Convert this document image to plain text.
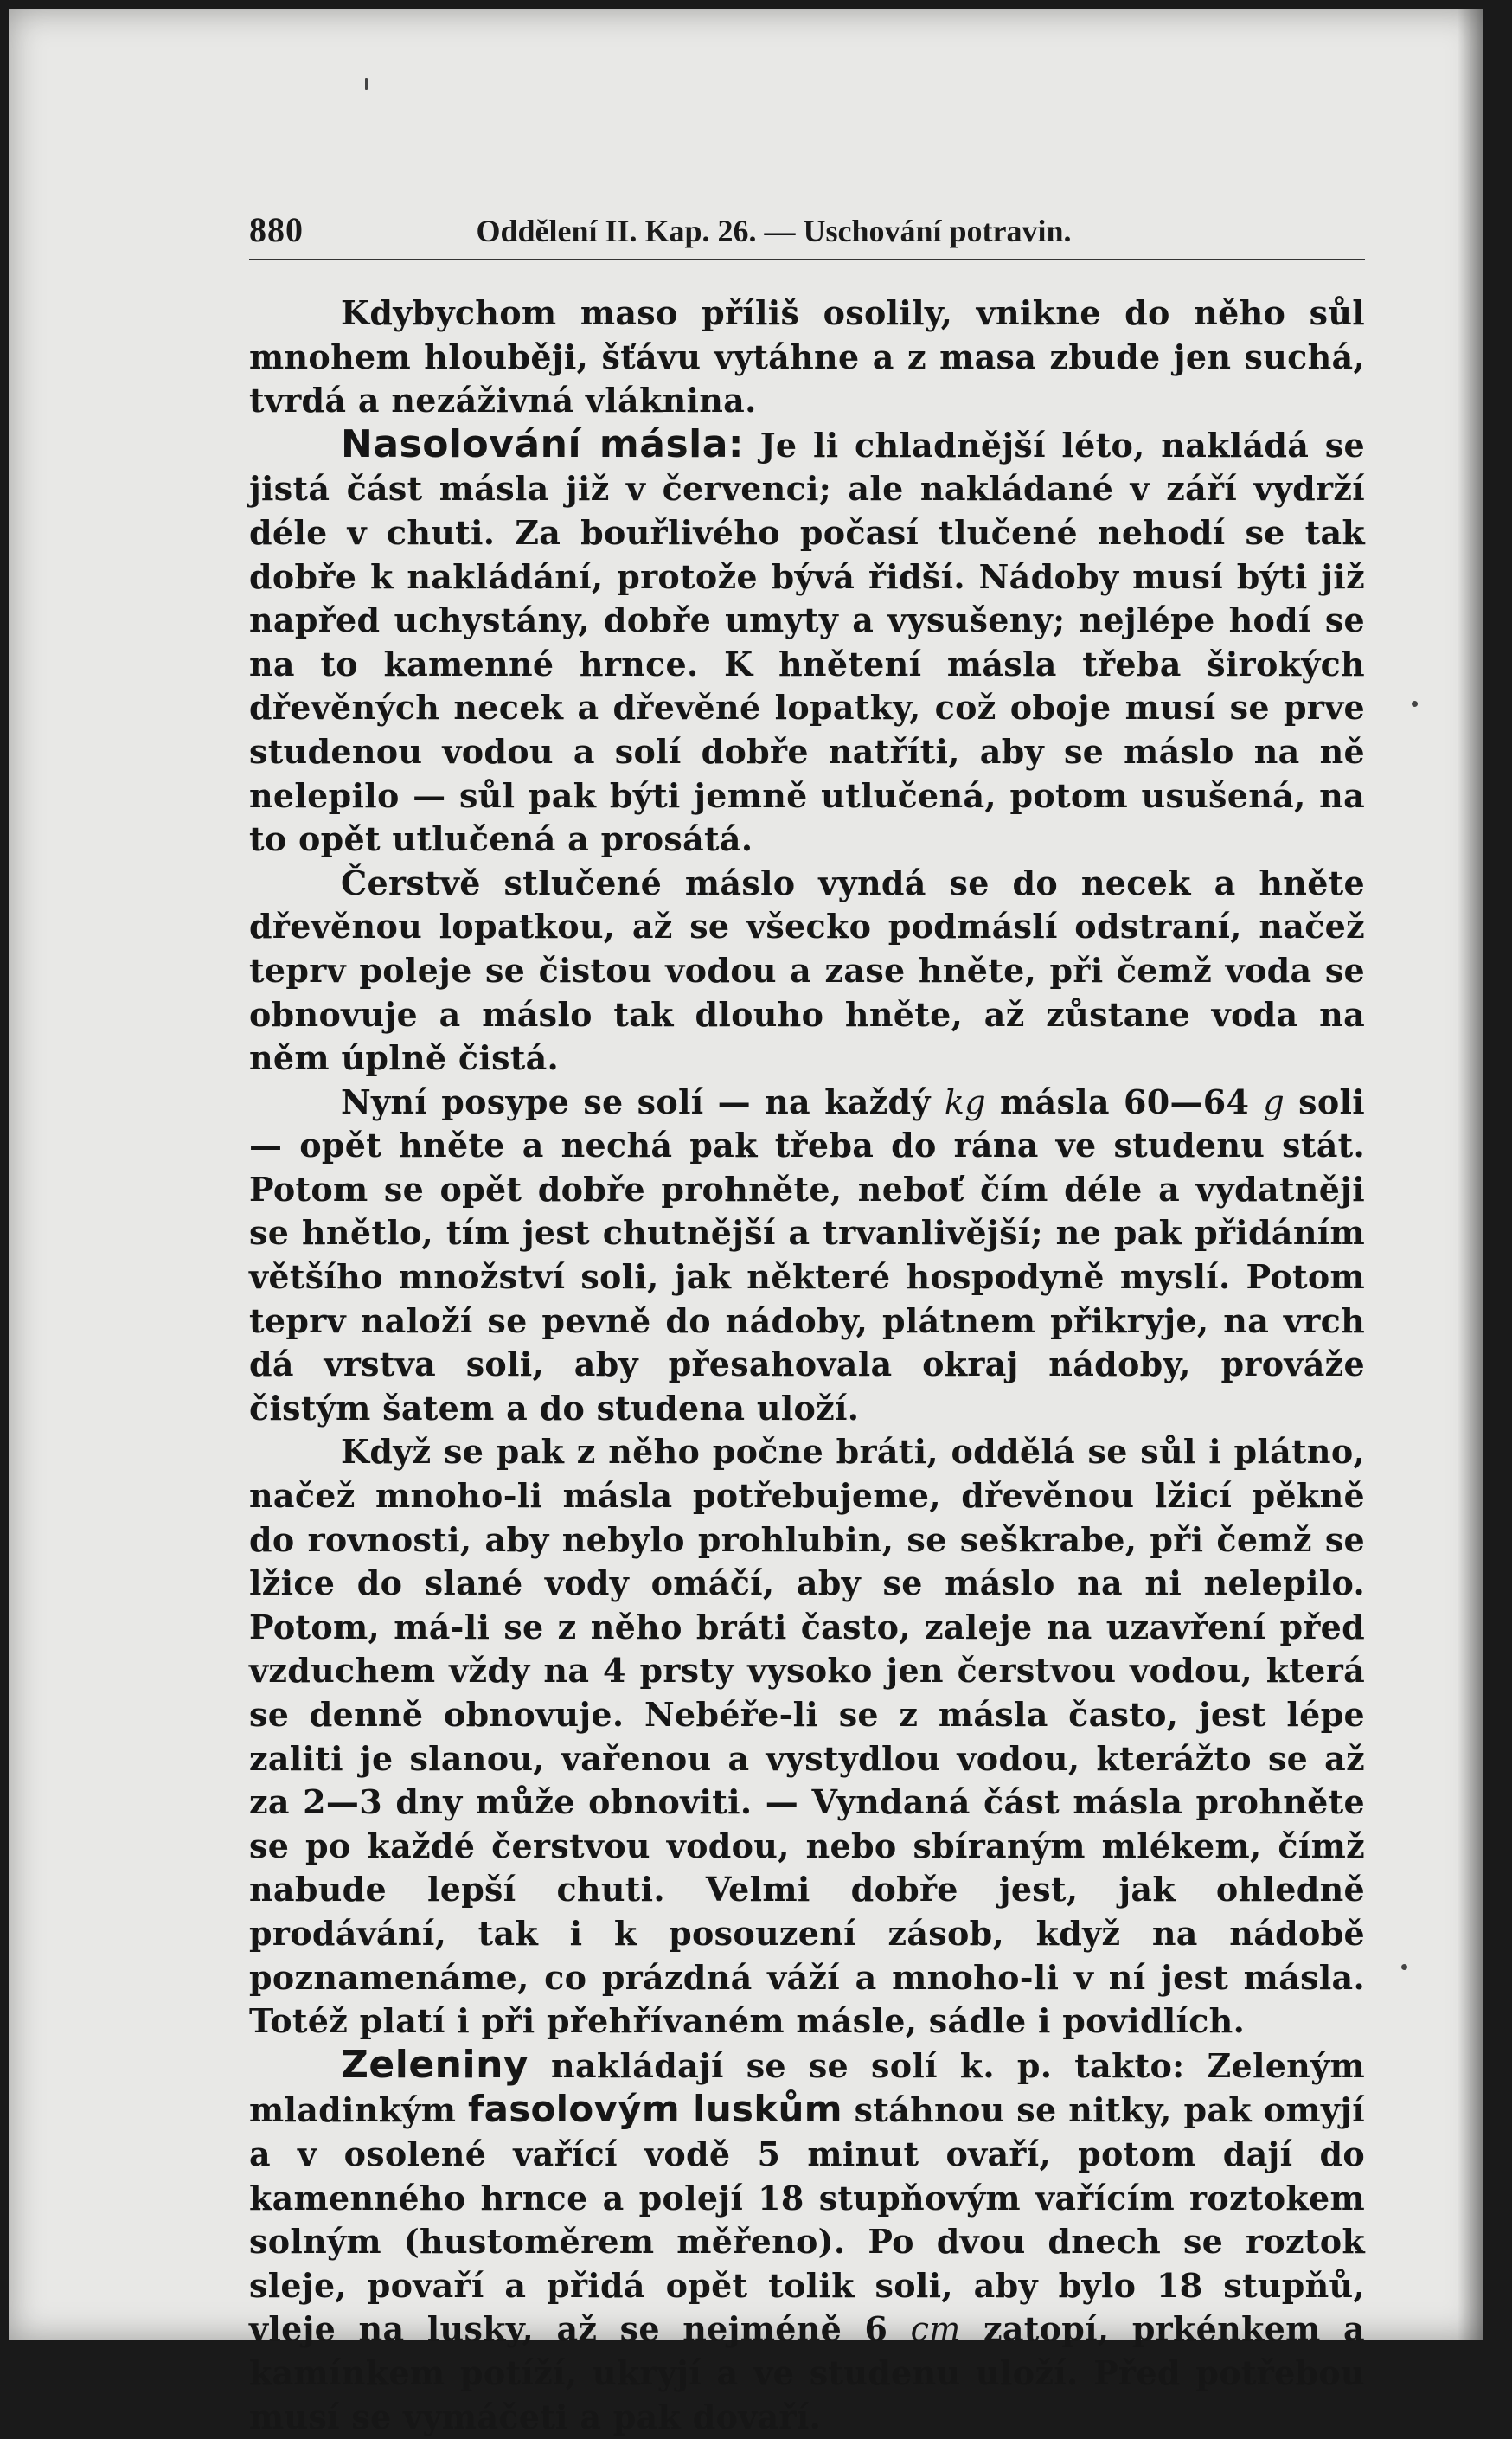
880	Oddělení II. Kap. 26. — Uschování potravin.

Kdybychom maso příliš osolily, vnikne do něho sůl mnohem hlouběji, šťávu vytáhne a z masa zbude jen suchá, tvrdá a nezáživná vláknina.

Nasolování másla: Je li chladnější léto, nakládá se jistá část másla již v červenci; ale nakládané v září vydrží déle v chuti. Za bouřlivého počasí tlučené nehodí se tak dobře k nakládání, protože bývá řidší. Nádoby musí býti již napřed uchystány, dobře umyty a vysušeny; nejlépe hodí se na to kamenné hrnce. K hnětení másla třeba širokých dřevěných necek a dřevěné lopatky, což oboje musí se prve studenou vodou a solí dobře natříti, aby se máslo na ně nelepilo — sůl pak býti jemně utlučená, potom usušená, na to opět utlučená a prosátá.

Čerstvě stlučené máslo vyndá se do necek a hněte dřevěnou lopatkou, až se všecko podmáslí odstraní, načež teprv poleje se čistou vodou a zase hněte, při čemž voda se obnovuje a máslo tak dlouho hněte, až zůstane voda na něm úplně čistá.

Nyní posype se solí — na každý kg másla 60—64 g soli — opět hněte a nechá pak třeba do rána ve studenu stát. Potom se opět dobře prohněte, neboť čím déle a vydatněji se hnětlo, tím jest chutnější a trvanlivější; ne pak přidáním většího množství soli, jak některé hospodyně myslí. Potom teprv naloží se pevně do nádoby, plátnem přikryje, na vrch dá vrstva soli, aby přesahovala okraj nádoby, prováže čistým šatem a do studena uloží.

Když se pak z něho počne bráti, oddělá se sůl i plátno, načež mnoho-li másla potřebujeme, dřevěnou lžicí pěkně do rovnosti, aby nebylo prohlubin, se seškrabe, při čemž se lžice do slané vody omáčí, aby se máslo na ni nelepilo. Potom, má-li se z něho bráti často, zaleje na uzavření před vzduchem vždy na 4 prsty vysoko jen čerstvou vodou, která se denně obnovuje. Nebéře-li se z másla často, jest lépe zaliti je slanou, vařenou a vystydlou vodou, kterážto se až za 2—3 dny může obnoviti. — Vyndaná část másla prohněte se po každé čerstvou vodou, nebo sbíraným mlékem, čímž nabude lepší chuti. Velmi dobře jest, jak ohledně prodávání, tak i k posouzení zásob, když na nádobě poznamenáme, co prázdná váží a mnoho-li v ní jest másla. Totéž platí i při přehřívaném másle, sádle i povidlích.

Zeleniny nakládají se se solí k. p. takto: Zeleným mladinkým fasolovým luskům stáhnou se nitky, pak omyjí a v osolené vařící vodě 5 minut ovaří, potom dají do kamenného hrnce a polejí 18 stupňovým vařícím roztokem solným (hustoměrem měřeno). Po dvou dnech se roztok sleje, povaří a přidá opět tolik soli, aby bylo 18 stupňů, vleje na lusky, až se nejméně 6 cm zatopí, prkénkem a kamínkem potíží, ukryjí a ve studenu uloží. Před potřebou musí se vymáčeti a pak dovaří.
